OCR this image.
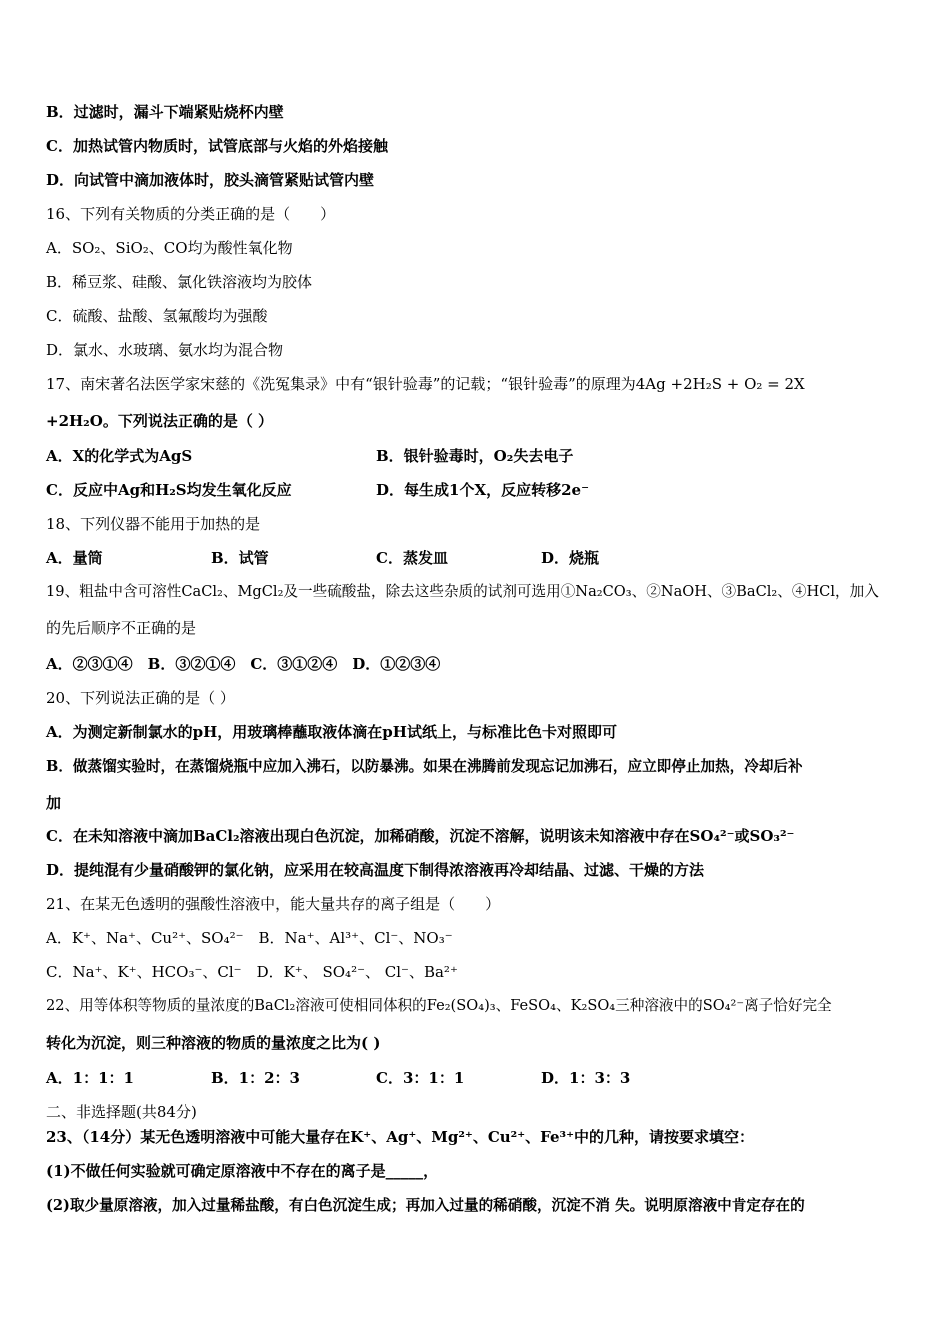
B．过滤时，漏斗下端紧贴烧杯内壁
C．加热试管内物质时，试管底部与火焰的外焰接触
D．向试管中滴加液体时，胶头滴管紧贴试管内壁
16、下列有关物质的分类正确的是（　　）
A．SO₂、SiO₂、CO均为酸性氧化物
B．稀豆浆、硅酸、氯化铁溶液均为胶体
C．硫酸、盐酸、氢氟酸均为强酸
D．氯水、水玻璃、氨水均为混合物
17、南宋著名法医学家宋慈的《洗冤集录》中有“银针验毒”的记载；“银针验毒”的原理为4Ag +2H₂S + O₂ = 2X
+2H₂O。下列说法正确的是（ ）
A．X的化学式为AgS	B．银针验毒时，O₂失去电子
C．反应中Ag和H₂S均发生氧化反应	D．每生成1个X，反应转移2e⁻
18、下列仪器不能用于加热的是
A．量筒	B．试管	C．蒸发皿	D．烧瓶
19、粗盐中含可溶性CaCl₂、MgCl₂及一些硫酸盐，除去这些杂质的试剂可选用①Na₂CO₃、②NaOH、③BaCl₂、④HCl，加入
的先后顺序不正确的是
A．②③①④　B．③②①④　C．③①②④　D．①②③④
20、下列说法正确的是（ ）
A．为测定新制氯水的pH，用玻璃棒蘸取液体滴在pH试纸上，与标准比色卡对照即可
B．做蒸馏实验时，在蒸馏烧瓶中应加入沸石，以防暴沸。如果在沸腾前发现忘记加沸石，应立即停止加热，冷却后补
加
C．在未知溶液中滴加BaCl₂溶液出现白色沉淀，加稀硝酸，沉淀不溶解，说明该未知溶液中存在SO₄²⁻或SO₃²⁻
D．提纯混有少量硝酸钾的氯化钠，应采用在较高温度下制得浓溶液再冷却结晶、过滤、干燥的方法
21、在某无色透明的强酸性溶液中，能大量共存的离子组是（　　）
A．K⁺、Na⁺、Cu²⁺、SO₄²⁻　B．Na⁺、Al³⁺、Cl⁻、NO₃⁻
C．Na⁺、K⁺、HCO₃⁻、Cl⁻　D．K⁺、 SO₄²⁻、 Cl⁻、Ba²⁺
22、用等体积等物质的量浓度的BaCl₂溶液可使相同体积的Fe₂(SO₄)₃、FeSO₄、K₂SO₄三种溶液中的SO₄²⁻离子恰好完全
转化为沉淀，则三种溶液的物质的量浓度之比为( )
A．1：1：1	B．1：2：3	C．3：1：1	D．1：3：3
二、非选择题(共84分)
23、（14分）某无色透明溶液中可能大量存在K⁺、Ag⁺、Mg²⁺、Cu²⁺、Fe³⁺中的几种，请按要求填空：
(1)不做任何实验就可确定原溶液中不存在的离子是_____，
(2)取少量原溶液，加入过量稀盐酸，有白色沉淀生成；再加入过量的稀硝酸，沉淀不消 失。说明原溶液中肯定存在的
